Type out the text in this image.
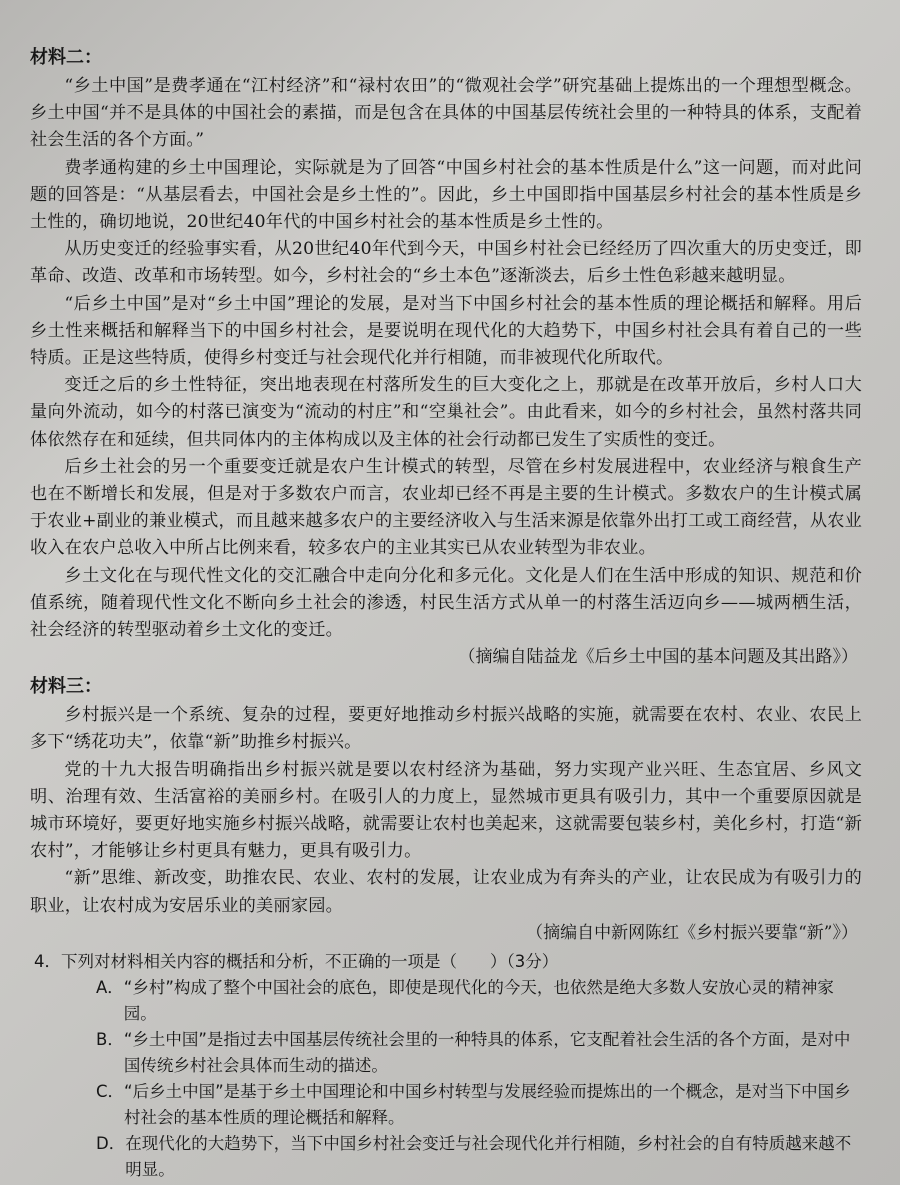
材料二：

“乡土中国”是费孝通在“江村经济”和“禄村农田”的“微观社会学”研究基础上提炼出的一个理想型概念。乡土中国“并不是具体的中国社会的素描，而是包含在具体的中国基层传统社会里的一种特具的体系，支配着社会生活的各个方面。”

费孝通构建的乡土中国理论，实际就是为了回答“中国乡村社会的基本性质是什么”这一问题，而对此问题的回答是：“从基层看去，中国社会是乡土性的”。因此，乡土中国即指中国基层乡村社会的基本性质是乡土性的，确切地说，20世纪40年代的中国乡村社会的基本性质是乡土性的。

从历史变迁的经验事实看，从20世纪40年代到今天，中国乡村社会已经经历了四次重大的历史变迁，即革命、改造、改革和市场转型。如今，乡村社会的“乡土本色”逐渐淡去，后乡土性色彩越来越明显。

“后乡土中国”是对“乡土中国”理论的发展，是对当下中国乡村社会的基本性质的理论概括和解释。用后乡土性来概括和解释当下的中国乡村社会，是要说明在现代化的大趋势下，中国乡村社会具有着自己的一些特质。正是这些特质，使得乡村变迁与社会现代化并行相随，而非被现代化所取代。

变迁之后的乡土性特征，突出地表现在村落所发生的巨大变化之上，那就是在改革开放后，乡村人口大量向外流动，如今的村落已演变为“流动的村庄”和“空巢社会”。由此看来，如今的乡村社会，虽然村落共同体依然存在和延续，但共同体内的主体构成以及主体的社会行动都已发生了实质性的变迁。

后乡土社会的另一个重要变迁就是农户生计模式的转型，尽管在乡村发展进程中，农业经济与粮食生产也在不断增长和发展，但是对于多数农户而言，农业却已经不再是主要的生计模式。多数农户的生计模式属于农业+副业的兼业模式，而且越来越多农户的主要经济收入与生活来源是依靠外出打工或工商经营，从农业收入在农户总收入中所占比例来看，较多农户的主业其实已从农业转型为非农业。

乡土文化在与现代性文化的交汇融合中走向分化和多元化。文化是人们在生活中形成的知识、规范和价值系统，随着现代性文化不断向乡土社会的渗透，村民生活方式从单一的村落生活迈向乡——城两栖生活，社会经济的转型驱动着乡土文化的变迁。

（摘编自陆益龙《后乡土中国的基本问题及其出路》）
材料三：

乡村振兴是一个系统、复杂的过程，要更好地推动乡村振兴战略的实施，就需要在农村、农业、农民上多下“绣花功夫”，依靠“新”助推乡村振兴。

党的十九大报告明确指出乡村振兴就是要以农村经济为基础，努力实现产业兴旺、生态宜居、乡风文明、治理有效、生活富裕的美丽乡村。在吸引人的力度上，显然城市更具有吸引力，其中一个重要原因就是城市环境好，要更好地实施乡村振兴战略，就需要让农村也美起来，这就需要包装乡村，美化乡村，打造“新农村”，才能够让乡村更具有魅力，更具有吸引力。

“新”思维、新改变，助推农民、农业、农村的发展，让农业成为有奔头的产业，让农民成为有吸引力的职业，让农村成为安居乐业的美丽家园。

（摘编自中新网陈红《乡村振兴要靠“新”》）
4．下列对材料相关内容的概括和分析，不正确的一项是（　　）（3分）
A． “乡村”构成了整个中国社会的底色，即使是现代化的今天，也依然是绝大多数人安放心灵的精神家园。
B． “乡土中国”是指过去中国基层传统社会里的一种特具的体系，它支配着社会生活的各个方面，是对中国传统乡村社会具体而生动的描述。
C． “后乡土中国”是基于乡土中国理论和中国乡村转型与发展经验而提炼出的一个概念，是对当下中国乡村社会的基本性质的理论概括和解释。
D． 在现代化的大趋势下，当下中国乡村社会变迁与社会现代化并行相随，乡村社会的自有特质越来越不明显。
